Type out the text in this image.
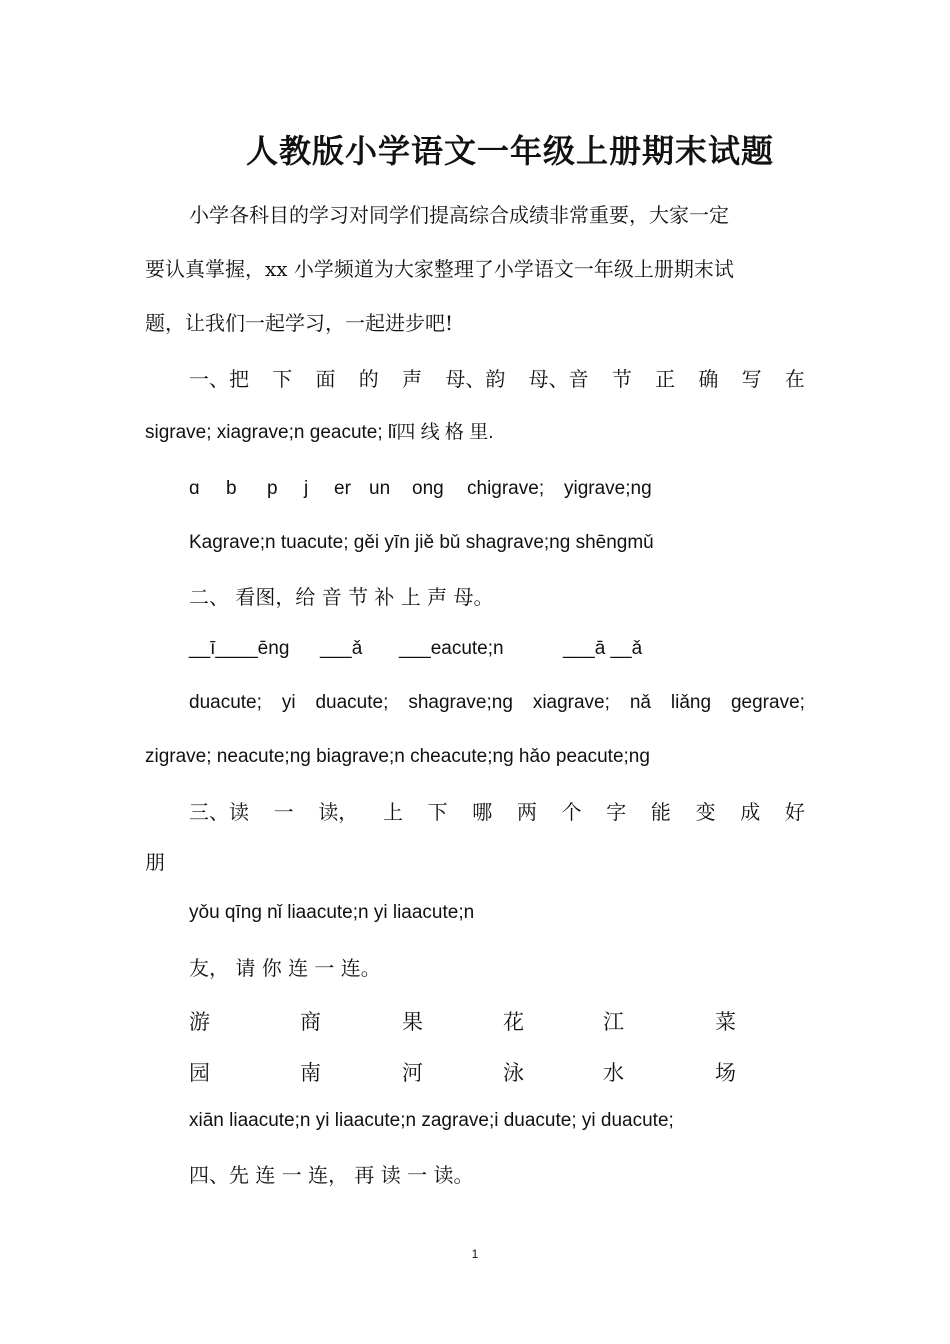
人教版小学语文一年级上册期末试题
小学各科目的学习对同学们提高综合成绩非常重要，大家一定
要认真掌握，xx 小学频道为大家整理了小学语文一年级上册期末试
题，让我们一起学习，一起进步吧!
一、把 下 面 的 声 母、韵 母、音 节 正 确 写 在
sigrave; xiagrave;n geacute; lǐ四 线 格 里.
ɑ b p j er un ong chigrave; yigrave;ng
Kagrave;n tuacute; gěi yīn jiě bǔ shagrave;ng shēngmǔ
二、 看图，给 音 节 补 上 声 母。
__ī____ēng ___ǎ ___eacute;n	___ā __ǎ
duacute; yi duacute; shagrave;ng xiagrave; nǎ liǎng gegrave;
zigrave; neacute;ng biagrave;n cheacute;ng hǎo peacute;ng
三、读 一 读， 上 下 哪 两 个 字 能 变 成 好
朋
yǒu qīng nǐ liaacute;n yi liaacute;n
友， 请 你 连 一 连。
游	商	果	花	江	菜
园	南	河	泳	水	场
xiān liaacute;n yi liaacute;n zagrave;i duacute; yi duacute;
四、先 连 一 连， 再 读 一 读。
1
